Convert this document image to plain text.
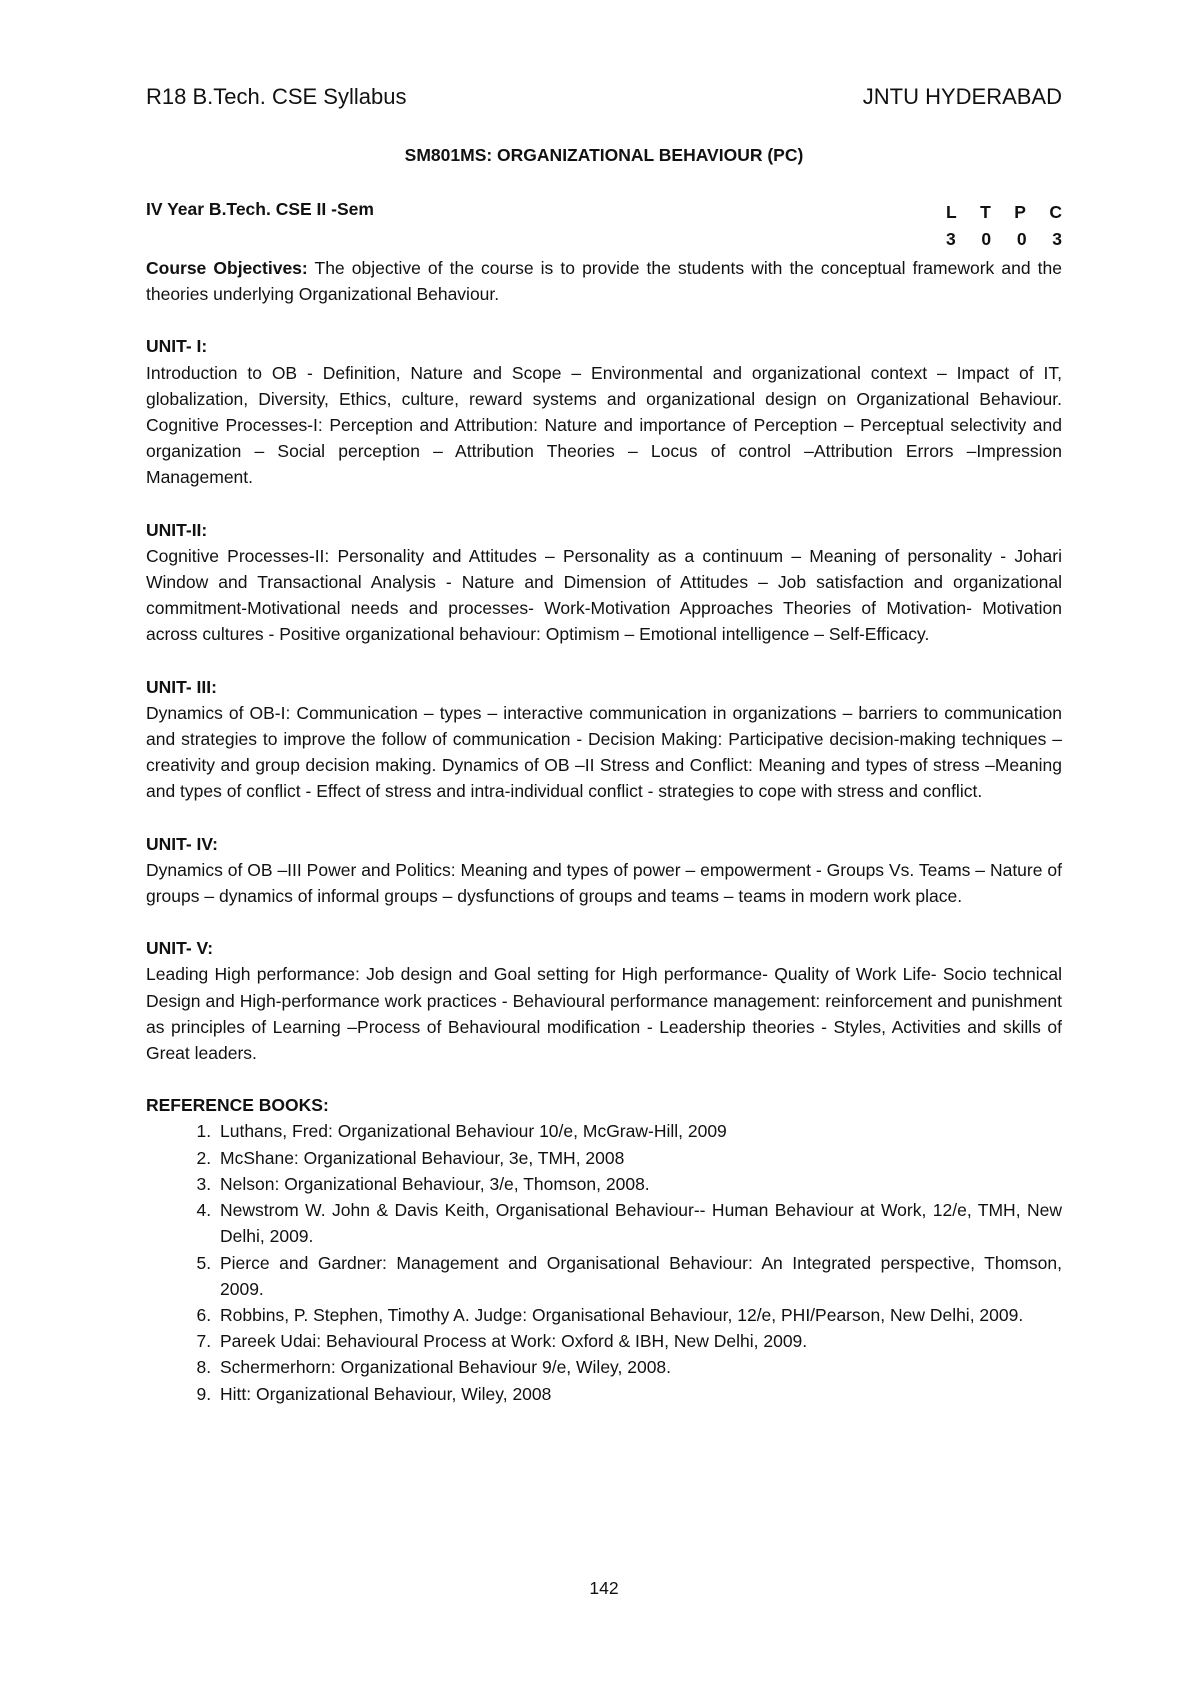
R18 B.Tech. CSE Syllabus	JNTU HYDERABAD
SM801MS: ORGANIZATIONAL BEHAVIOUR (PC)
IV Year B.Tech. CSE II -Sem	L T P C
3 0 0 3

Course Objectives: The objective of the course is to provide the students with the conceptual framework and the theories underlying Organizational Behaviour.

UNIT- I:

Introduction to OB - Definition, Nature and Scope – Environmental and organizational context – Impact of IT, globalization, Diversity, Ethics, culture, reward systems and organizational design on Organizational Behaviour. Cognitive Processes-I: Perception and Attribution: Nature and importance of Perception – Perceptual selectivity and organization – Social perception – Attribution Theories – Locus of control –Attribution Errors –Impression Management.

UNIT-II:

Cognitive Processes-II: Personality and Attitudes – Personality as a continuum – Meaning of personality - Johari Window and Transactional Analysis - Nature and Dimension of Attitudes – Job satisfaction and organizational commitment-Motivational needs and processes- Work-Motivation Approaches Theories of Motivation- Motivation across cultures - Positive organizational behaviour: Optimism – Emotional intelligence – Self-Efficacy.

UNIT- III:

Dynamics of OB-I: Communication – types – interactive communication in organizations – barriers to communication and strategies to improve the follow of communication - Decision Making: Participative decision-making techniques – creativity and group decision making. Dynamics of OB –II Stress and Conflict: Meaning and types of stress –Meaning and types of conflict - Effect of stress and intra-individual conflict - strategies to cope with stress and conflict.

UNIT- IV:

Dynamics of OB –III Power and Politics: Meaning and types of power – empowerment - Groups Vs. Teams – Nature of groups – dynamics of informal groups – dysfunctions of groups and teams – teams in modern work place.

UNIT- V:

Leading High performance: Job design and Goal setting for High performance- Quality of Work Life- Socio technical Design and High-performance work practices - Behavioural performance management: reinforcement and punishment as principles of Learning –Process of Behavioural modification - Leadership theories - Styles, Activities and skills of Great leaders.

REFERENCE BOOKS:

1. Luthans, Fred: Organizational Behaviour 10/e, McGraw-Hill, 2009
2. McShane: Organizational Behaviour, 3e, TMH, 2008
3. Nelson: Organizational Behaviour, 3/e, Thomson, 2008.
4. Newstrom W. John & Davis Keith, Organisational Behaviour-- Human Behaviour at Work, 12/e, TMH, New Delhi, 2009.
5. Pierce and Gardner: Management and Organisational Behaviour: An Integrated perspective, Thomson, 2009.
6. Robbins, P. Stephen, Timothy A. Judge: Organisational Behaviour, 12/e, PHI/Pearson, New Delhi, 2009.
7. Pareek Udai: Behavioural Process at Work: Oxford & IBH, New Delhi, 2009.
8. Schermerhorn: Organizational Behaviour 9/e, Wiley, 2008.
9. Hitt: Organizational Behaviour, Wiley, 2008
142
